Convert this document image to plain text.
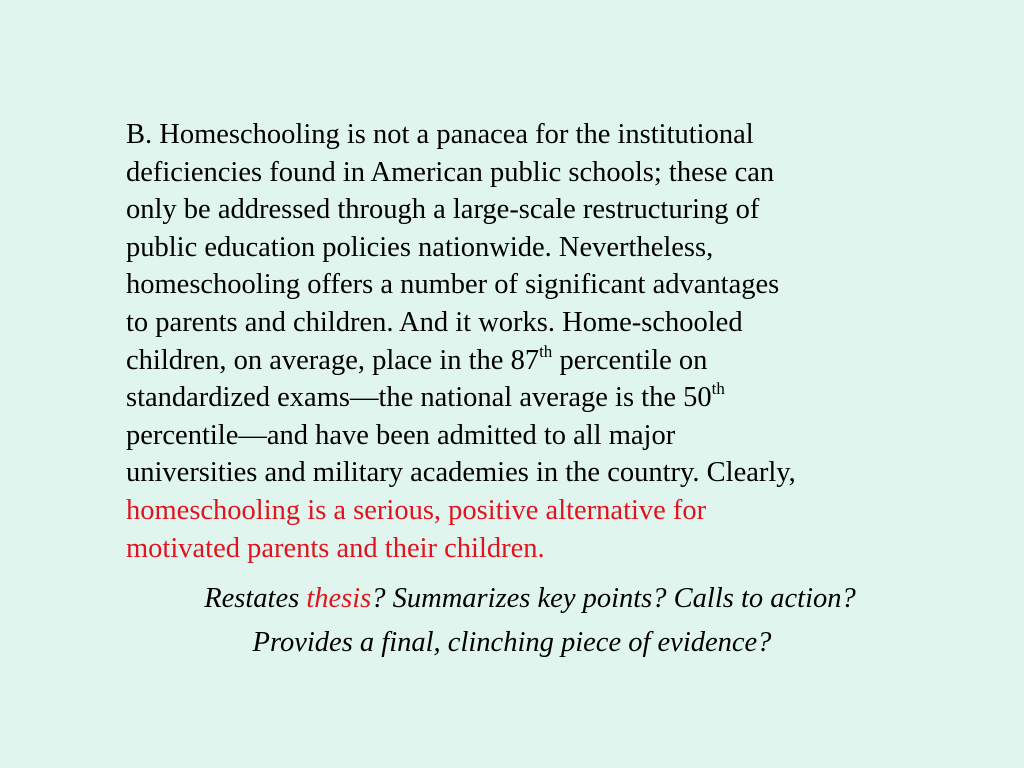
B. Homeschooling is not a panacea for the institutional
deficiencies found in American public schools; these can
only be addressed through a large-scale restructuring of
public education policies nationwide. Nevertheless,
homeschooling offers a number of significant advantages
to parents and children. And it works. Home-schooled
children, on average, place in the 87th percentile on
standardized exams―the national average is the 50th
percentile―and have been admitted to all major
universities and military academies in the country. Clearly,
homeschooling is a serious, positive alternative for
motivated parents and their children.

Restates thesis? Summarizes key points? Calls to action?
Provides a final, clinching piece of evidence?
